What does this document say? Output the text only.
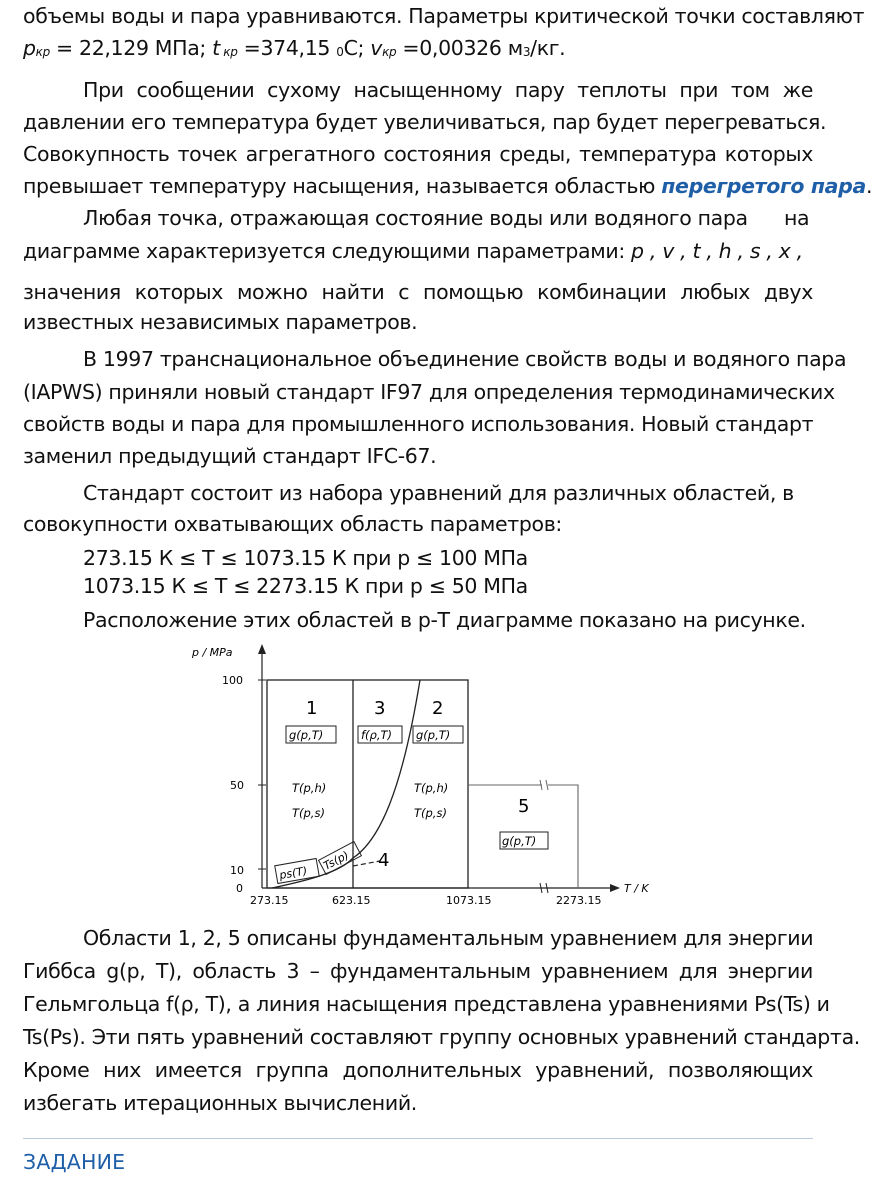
объемы воды и пара уравниваются. Параметры критической точки составляют
pкр = 22,129 МПа; t кр =374,15 0С; vкр =0,00326 м3/кг.
При сообщении сухому насыщенному пару теплоты при том же
давлении его температура будет увеличиваться, пар будет перегреваться.
Совокупность точек агрегатного состояния среды, температура которых
превышает температуру насыщения, называется областью перегретого пара.
Любая точка, отражающая состояние воды или водяного пара на
диаграмме характеризуется следующими параметрами: p , v , t , h , s , x ,
значения которых можно найти с помощью комбинации любых двух
известных независимых параметров.
В 1997 транснациональное объединение свойств воды и водяного пара
(IAPWS) приняли новый стандарт IF97 для определения термодинамических
свойств воды и пара для промышленного использования. Новый стандарт
заменил предыдущий стандарт IFC-67.
Стандарт состоит из набора уравнений для различных областей, в
совокупности охватывающих область параметров:
273.15 К ≤ Т ≤ 1073.15 К при р ≤ 100 МПа
1073.15 К ≤ Т ≤ 2273.15 К при р ≤ 50 МПа
Расположение этих областей в р-Т диаграмме показано на рисунке.
p / MPa
T / K
100
50
10
0
273.15	623.15	1073.15	2273.15
1	3	2
5
4
g(p,T)	f(ρ,T) g(p,T)
g(p,T)
T(p,h)
T(p,s)
T(p,h)
T(p,s)
ps(T)
Ts(p)
Области 1, 2, 5 описаны фундаментальным уравнением для энергии
Гиббса g(p, T), область 3 – фундаментальным уравнением для энергии
Гельмгольца f(ρ, T), а линия насыщения представлена уравнениями Ps(Ts) и
Ts(Ps). Эти пять уравнений составляют группу основных уравнений стандарта.
Кроме них имеется группа дополнительных уравнений, позволяющих
избегать итерационных вычислений.
ЗАДАНИЕ
